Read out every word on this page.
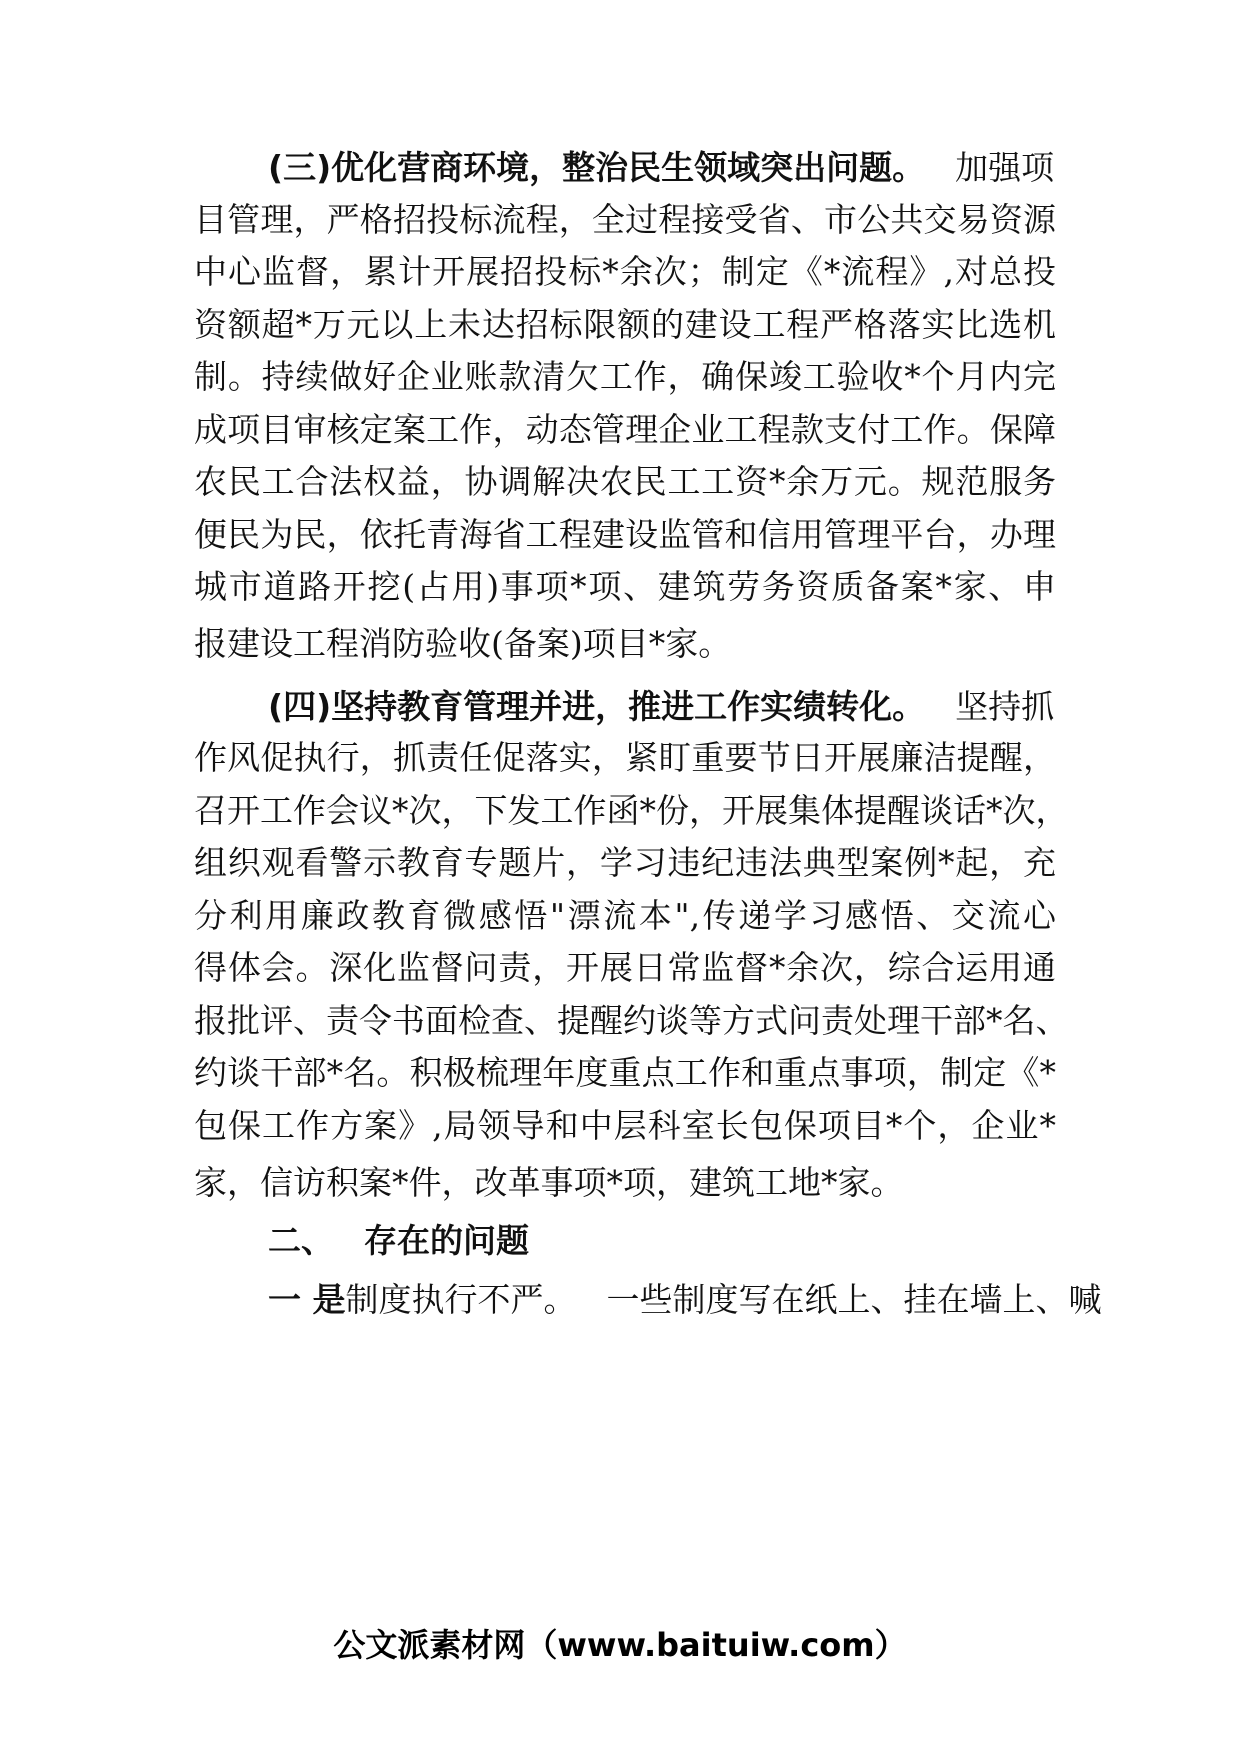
(三)优化营商环境，整治民生领域突出问题。 加强项
目管理，严格招投标流程，全过程接受省、市公共交易资源
中心监督，累计开展招投标*余次；制定《*流程》,对总投
资额超*万元以上未达招标限额的建设工程严格落实比选机
制。持续做好企业账款清欠工作，确保竣工验收*个月内完
成项目审核定案工作，动态管理企业工程款支付工作。保障
农民工合法权益，协调解决农民工工资*余万元。规范服务
便民为民，依托青海省工程建设监管和信用管理平台，办理
城市道路开挖(占用)事项*项、建筑劳务资质备案*家、申
报建设工程消防验收(备案)项目*家。
(四)坚持教育管理并进，推进工作实绩转化。 坚持抓
作风促执行，抓责任促落实，紧盯重要节日开展廉洁提醒，
召开工作会议*次，下发工作函*份，开展集体提醒谈话*次，
组织观看警示教育专题片，学习违纪违法典型案例*起，充
分利用廉政教育微感悟"漂流本",传递学习感悟、交流心
得体会。深化监督问责，开展日常监督*余次，综合运用通
报批评、责令书面检查、提醒约谈等方式问责处理干部*名、
约谈干部*名。积极梳理年度重点工作和重点事项，制定《*
包保工作方案》,局领导和中层科室长包保项目*个，企业*
家，信访积案*件，改革事项*项，建筑工地*家。
二、 存在的问题
一 是制度执行不严。 一些制度写在纸上、挂在墙上、喊
公文派素材网（www.baituiw.com）
